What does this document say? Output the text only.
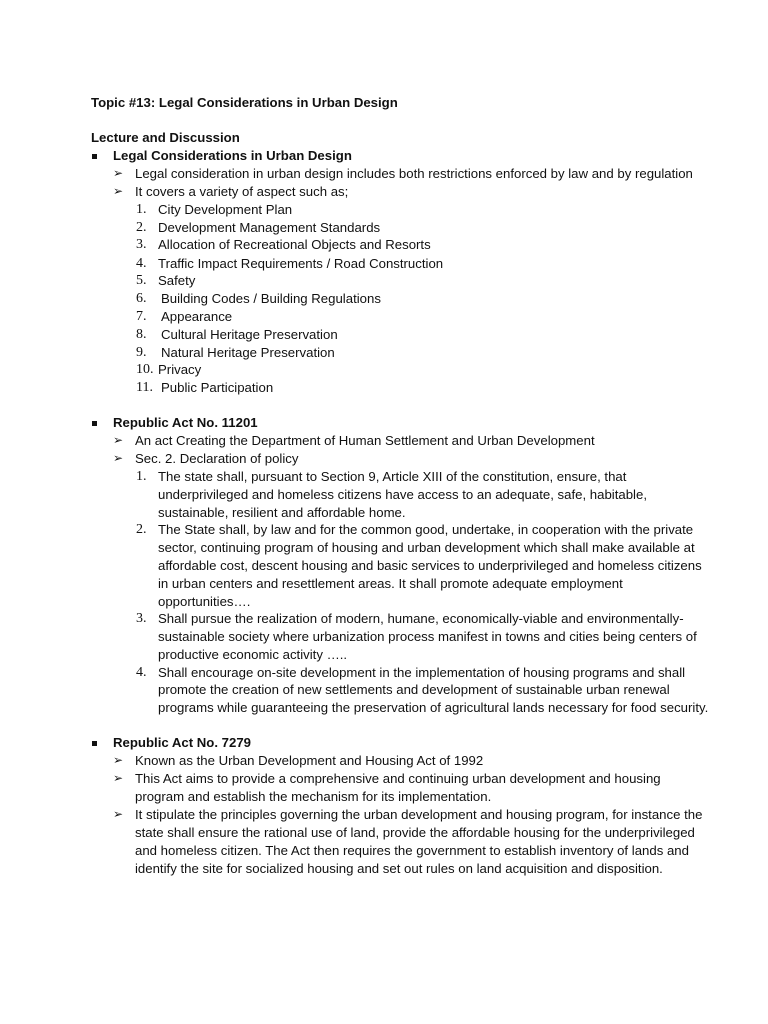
Topic #13: Legal Considerations in Urban Design
Lecture and Discussion
Legal Considerations in Urban Design
➢ Legal consideration in urban design includes both restrictions enforced by law and by regulation
➢ It covers a variety of aspect such as;
1. City Development Plan
2. Development Management Standards
3. Allocation of Recreational Objects and Resorts
4. Traffic Impact Requirements / Road Construction
5. Safety
6. Building Codes / Building Regulations
7. Appearance
8. Cultural Heritage Preservation
9. Natural Heritage Preservation
10. Privacy
11. Public Participation
Republic Act No. 11201
➢ An act Creating the Department of Human Settlement and Urban Development
➢ Sec. 2. Declaration of policy
1. The state shall, pursuant to Section 9, Article XIII of the constitution, ensure, that
underprivileged and homeless citizens have access to an adequate, safe, habitable,
sustainable, resilient and affordable home.
2. The State shall, by law and for the common good, undertake, in cooperation with the private
sector, continuing program of housing and urban development which shall make available at
affordable cost, descent housing and basic services to underprivileged and homeless citizens
in urban centers and resettlement areas. It shall promote adequate employment
opportunities….
3. Shall pursue the realization of modern, humane, economically-viable and environmentally-
sustainable society where urbanization process manifest in towns and cities being centers of
productive economic activity …..
4. Shall encourage on-site development in the implementation of housing programs and shall
promote the creation of new settlements and development of sustainable urban renewal
programs while guaranteeing the preservation of agricultural lands necessary for food security.
Republic Act No. 7279
➢ Known as the Urban Development and Housing Act of 1992
➢ This Act aims to provide a comprehensive and continuing urban development and housing
program and establish the mechanism for its implementation.
➢ It stipulate the principles governing the urban development and housing program, for instance the
state shall ensure the rational use of land, provide the affordable housing for the underprivileged
and homeless citizen. The Act then requires the government to establish inventory of lands and
identify the site for socialized housing and set out rules on land acquisition and disposition.
